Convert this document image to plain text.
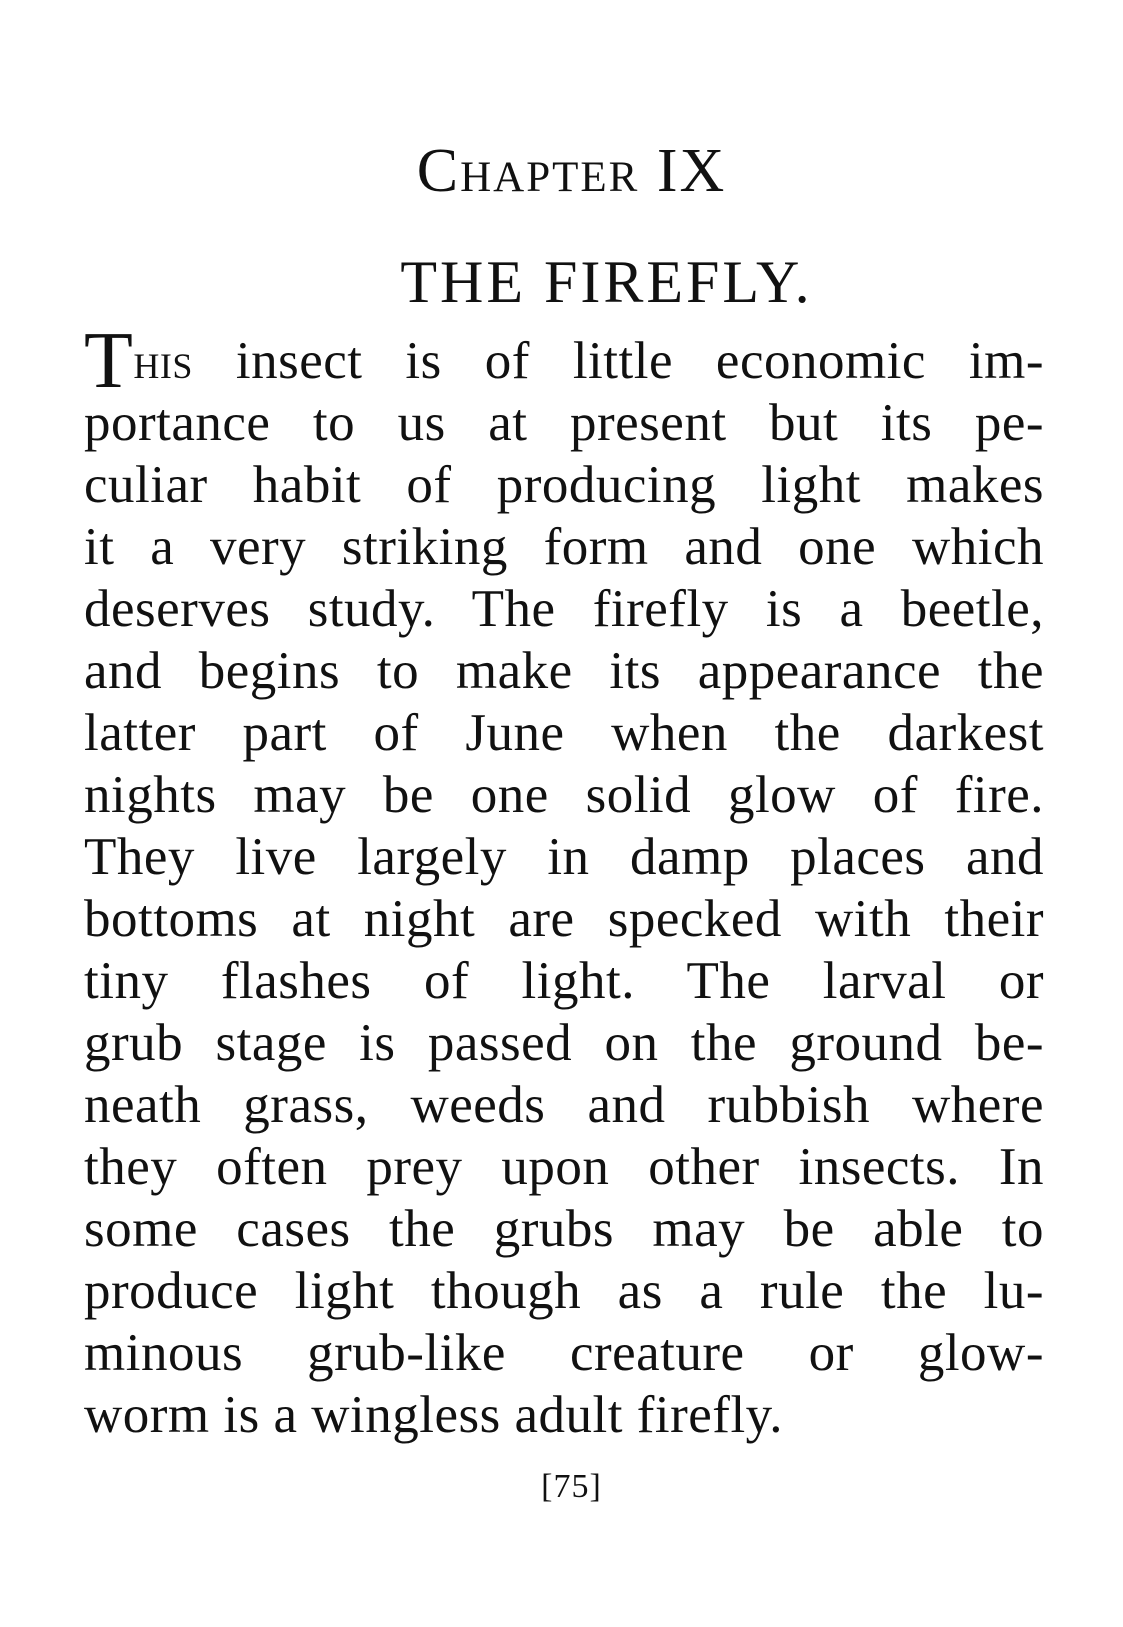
Chapter IX
THE FIREFLY.
THIS insect is of little economic im-
portance to us at present but its pe-
culiar habit of producing light makes
it a very striking form and one which
deserves study. The firefly is a beetle,
and begins to make its appearance the
latter part of June when the darkest
nights may be one solid glow of fire.
They live largely in damp places and
bottoms at night are specked with their
tiny flashes of light. The larval or
grub stage is passed on the ground be-
neath grass, weeds and rubbish where
they often prey upon other insects. In
some cases the grubs may be able to
produce light though as a rule the lu-
minous grub-like creature or glow-
worm is a wingless adult firefly.
[75]
